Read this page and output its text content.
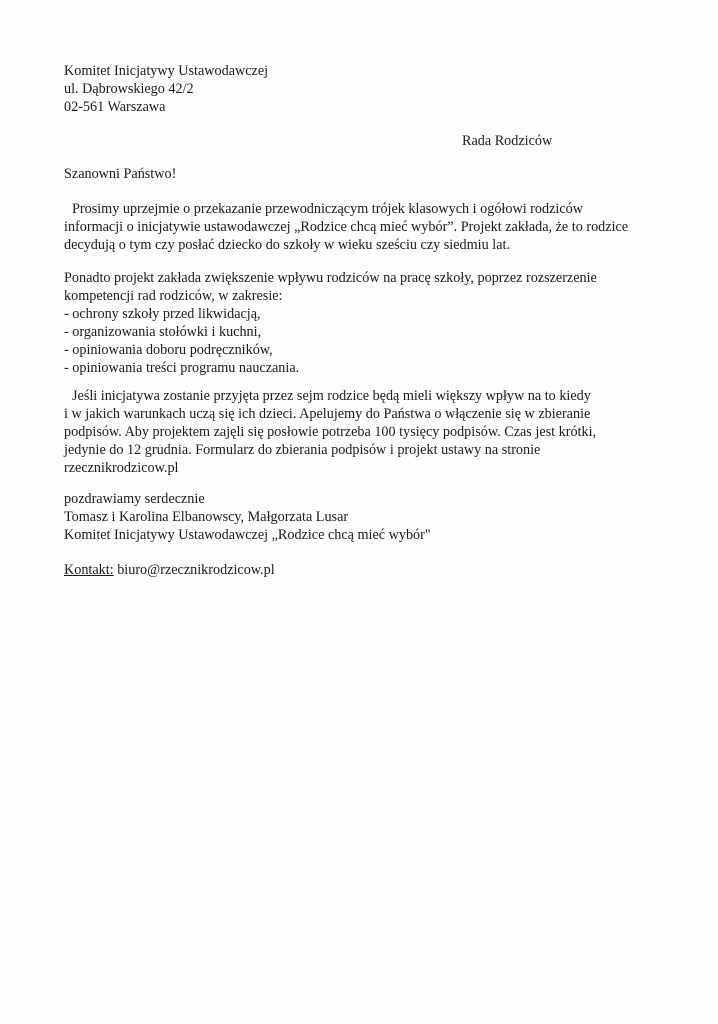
Komitet Inicjatywy Ustawodawczej
ul. Dąbrowskiego 42/2
02-561 Warszawa
Rada Rodziców
Szanowni Państwo!
Prosimy uprzejmie o przekazanie przewodniczącym trójek klasowych i ogółowi rodziców
informacji o inicjatywie ustawodawczej „Rodzice chcą mieć wybór”. Projekt zakłada, że to rodzice
decydują o tym czy posłać dziecko do szkoły w wieku sześciu czy siedmiu lat.
Ponadto projekt zakłada zwiększenie wpływu rodziców na pracę szkoły, poprzez rozszerzenie
kompetencji rad rodziców, w zakresie:
- ochrony szkoły przed likwidacją,
- organizowania stołówki i kuchni,
- opiniowania doboru podręczników,
- opiniowania treści programu nauczania.
Jeśli inicjatywa zostanie przyjęta przez sejm rodzice będą mieli większy wpływ na to kiedy
i w jakich warunkach uczą się ich dzieci. Apelujemy do Państwa o włączenie się w zbieranie
podpisów. Aby projektem zajęli się posłowie potrzeba 100 tysięcy podpisów. Czas jest krótki,
jedynie do 12 grudnia. Formularz do zbierania podpisów i projekt ustawy na stronie
rzecznikrodzicow.pl
pozdrawiamy serdecznie
Tomasz i Karolina Elbanowscy, Małgorzata Lusar
Komitet Inicjatywy Ustawodawczej „Rodzice chcą mieć wybór"
Kontakt: biuro@rzecznikrodzicow.pl
